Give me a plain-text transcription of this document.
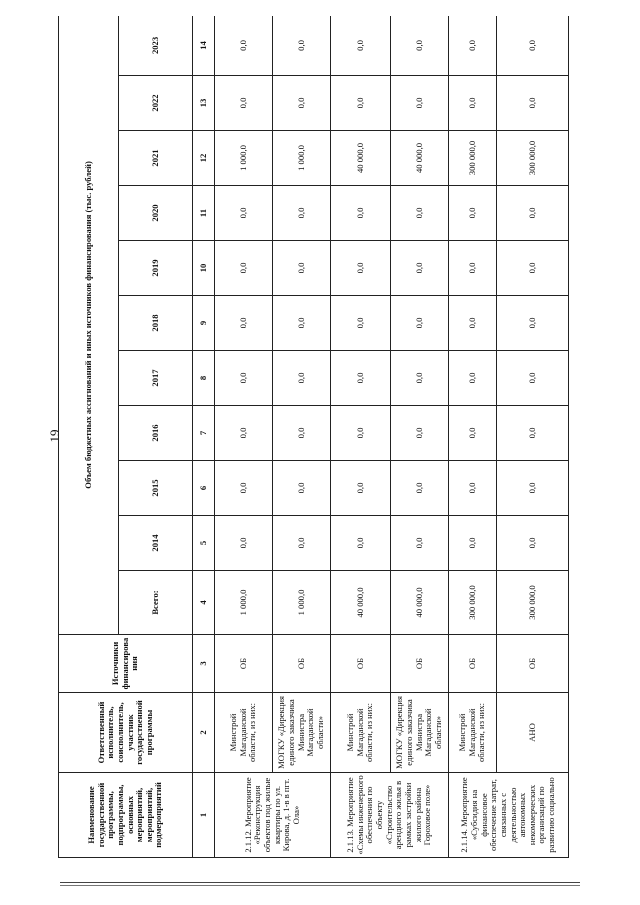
19
Наименование государственной программы, подпрограммы, основных мероприятий, мероприятий, подмероприятий	Ответственный исполнитель, соисполнитель, участник государственной программы	Источники финансирова ния	Объем бюджетных ассигнований и иных источников финансирования (тыс. рублей)										
			Всего:	2014	2015	2016	2017	2018	2019	2020	2021	2022	2023
1	2	3	4	5	6	7	8	9	10	11	12	13	14
2.1.12. Мероприятие «Реконструкция объектов под жилые квартиры по ул. Кирова, д. 1-в в пгт. Ола»	Минстрой Магаданской области, из них:	ОБ	1 000,0	0,0	0,0	0,0	0,0	0,0	0,0	0,0	1 000,0	0,0	0,0
	МОГКУ «Дирекция единого заказчика Министрa Магаданской области»	ОБ	1 000,0	0,0	0,0	0,0	0,0	0,0	0,0	0,0	1 000,0	0,0	0,0
2.1.13. Мероприятие «Схемы инженерного обеспечения по объекту «Строительство арендного жилья в рамках застройки жилого района Гороховое поле»	Минстрой Магаданской области, из них:	ОБ	40 000,0	0,0	0,0	0,0	0,0	0,0	0,0	0,0	40 000,0	0,0	0,0
	МОГКУ «Дирекция единого заказчика Министрa Магаданской области»	ОБ	40 000,0	0,0	0,0	0,0	0,0	0,0	0,0	0,0	40 000,0	0,0	0,0
2.1.14. Мероприятие «Субсидия на финансовое обеспечение затрат, связанных с деятельностью автономных некоммерческих организаций по развитию социально	Минстрой Магаданской области, из них:	ОБ	300 000,0	0,0	0,0	0,0	0,0	0,0	0,0	0,0	300 000,0	0,0	0,0
	АНО	ОБ	300 000,0	0,0	0,0	0,0	0,0	0,0	0,0	0,0	300 000,0	0,0	0,0
